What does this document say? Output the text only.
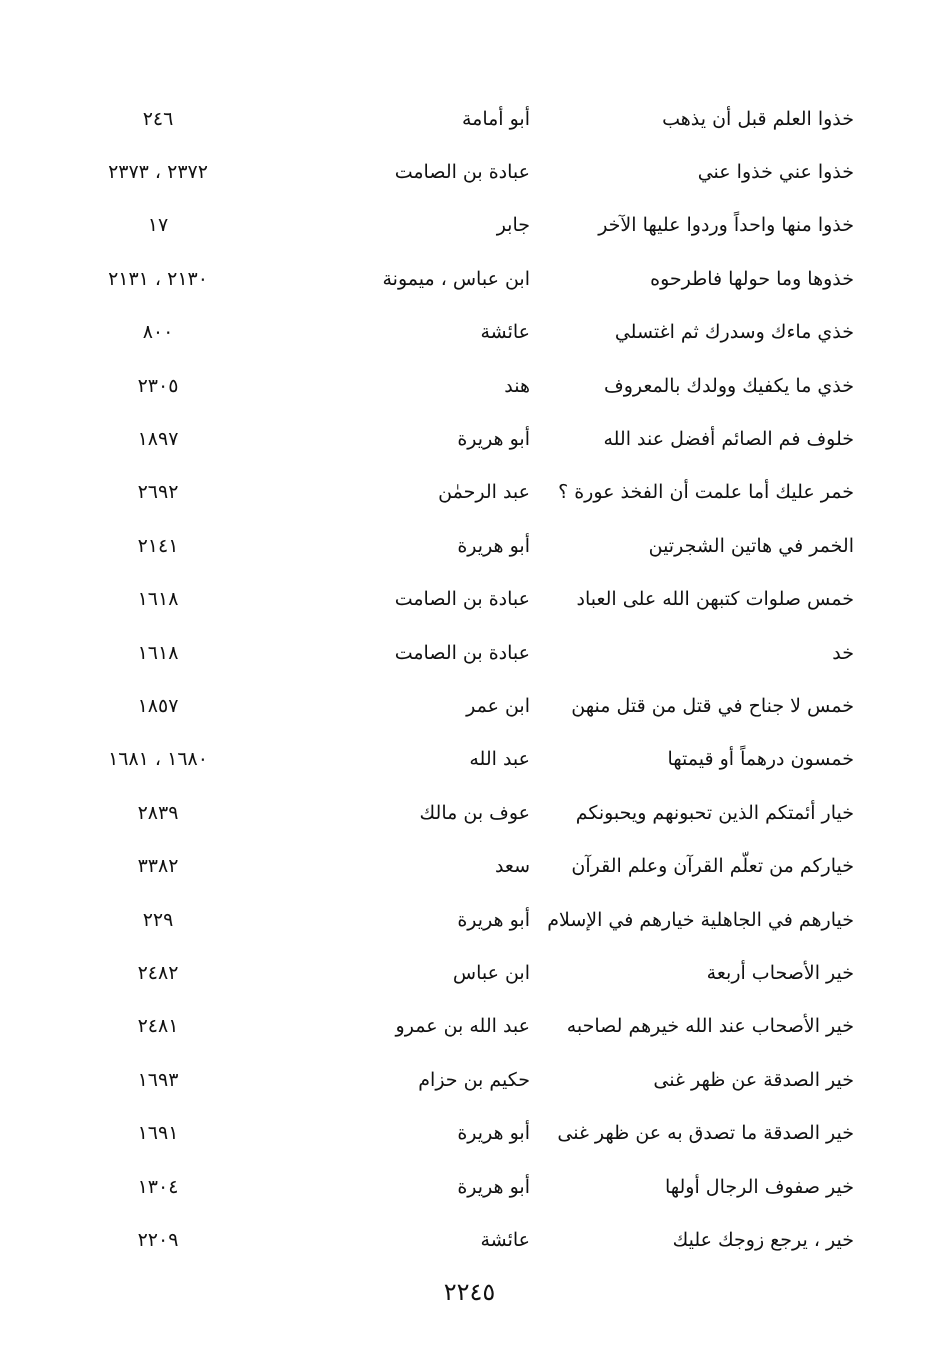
خذوا العلم قبل أن يذهب
أبو أمامة
٢٤٦
خذوا عني خذوا عني
عبادة بن الصامت
٢٣٧٢ ، ٢٣٧٣
خذوا منها واحداً وردوا عليها الآخر
جابر
١٧
خذوها وما حولها فاطرحوه
ابن عباس ، ميمونة
٢١٣٠ ، ٢١٣١
خذي ماءك وسدرك ثم اغتسلي
عائشة
٨٠٠
خذي ما يكفيك وولدك بالمعروف
هند
٢٣٠٥
خلوف فم الصائم أفضل عند الله
أبو هريرة
١٨٩٧
خمر عليك أما علمت أن الفخذ عورة ؟
عبد الرحمٰن
٢٦٩٢
الخمر في هاتين الشجرتين
أبو هريرة
٢١٤١
خمس صلوات كتبهن الله على العباد
عبادة بن الصامت
١٦١٨
خد
عبادة بن الصامت
١٦١٨
خمس لا جناح في قتل من قتل منهن
ابن عمر
١٨٥٧
خمسون درهماً أو قيمتها
عبد الله
١٦٨٠ ، ١٦٨١
خيار أئمتكم الذين تحبونهم ويحبونكم
عوف بن مالك
٢٨٣٩
خياركم من تعلّم القرآن وعلم القرآن
سعد
٣٣٨٢
خيارهم في الجاهلية خيارهم في الإسلام
أبو هريرة
٢٢٩
خير الأصحاب أربعة
ابن عباس
٢٤٨٢
خير الأصحاب عند الله خيرهم لصاحبه
عبد الله بن عمرو
٢٤٨١
خير الصدقة عن ظهر غنى
حكيم بن حزام
١٦٩٣
خير الصدقة ما تصدق به عن ظهر غنى
أبو هريرة
١٦٩١
خير صفوف الرجال أولها
أبو هريرة
١٣٠٤
خير ، يرجع زوجك عليك
عائشة
٢٢٠٩
٢٢٤٥
